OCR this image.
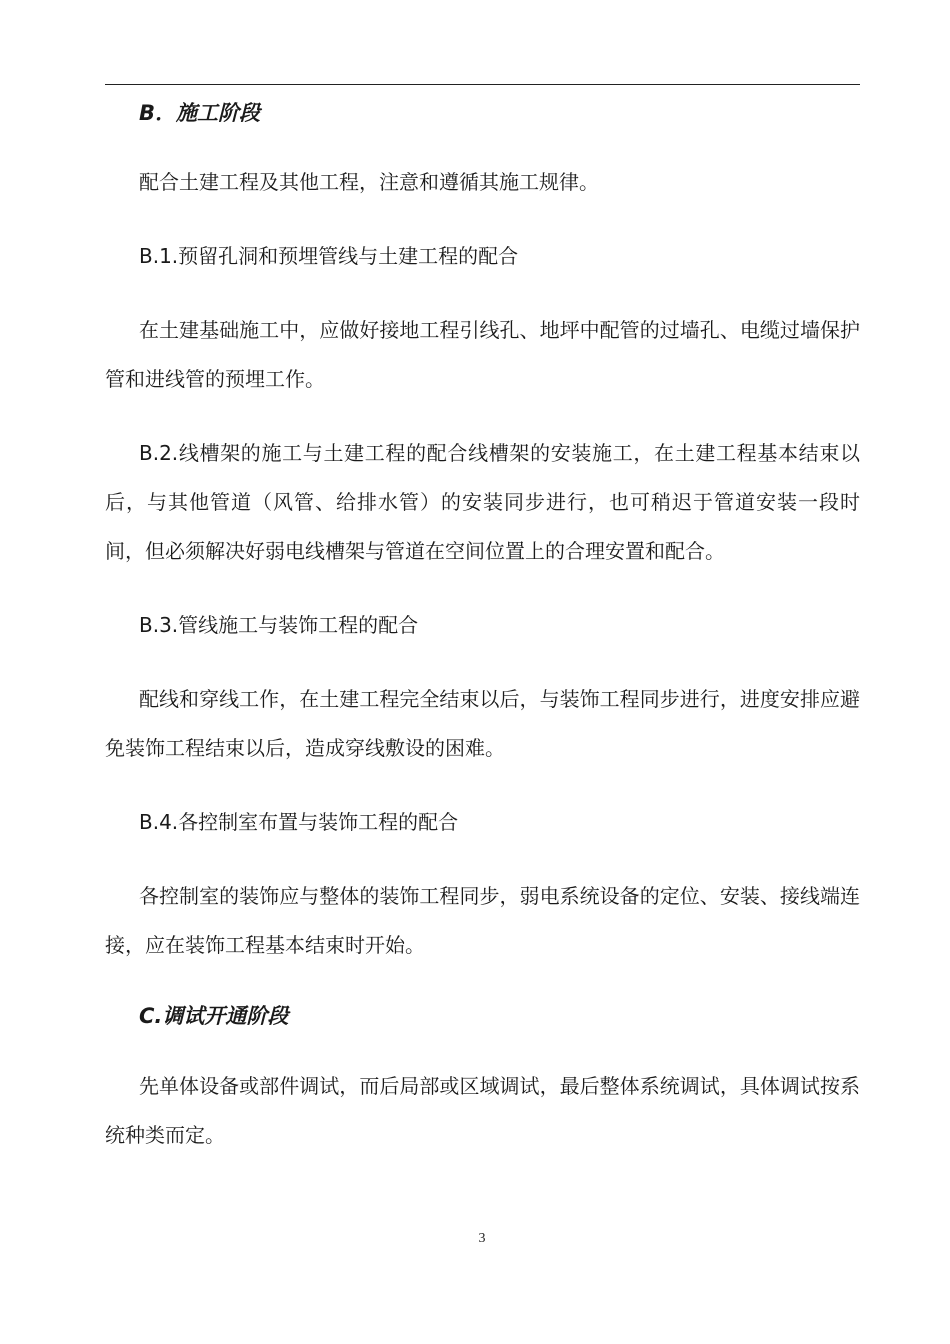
B．施工阶段

配合土建工程及其他工程，注意和遵循其施工规律。

B.1.预留孔洞和预埋管线与土建工程的配合

在土建基础施工中，应做好接地工程引线孔、地坪中配管的过墙孔、电缆过墙保护管和进线管的预埋工作。

B.2.线槽架的施工与土建工程的配合线槽架的安装施工，在土建工程基本结束以后，与其他管道（风管、给排水管）的安装同步进行，也可稍迟于管道安装一段时间，但必须解决好弱电线槽架与管道在空间位置上的合理安置和配合。

B.3.管线施工与装饰工程的配合

配线和穿线工作，在土建工程完全结束以后，与装饰工程同步进行，进度安排应避免装饰工程结束以后，造成穿线敷设的困难。

B.4.各控制室布置与装饰工程的配合

各控制室的装饰应与整体的装饰工程同步，弱电系统设备的定位、安装、接线端连接，应在装饰工程基本结束时开始。

C.调试开通阶段

先单体设备或部件调试，而后局部或区域调试，最后整体系统调试，具体调试按系统种类而定。

3
